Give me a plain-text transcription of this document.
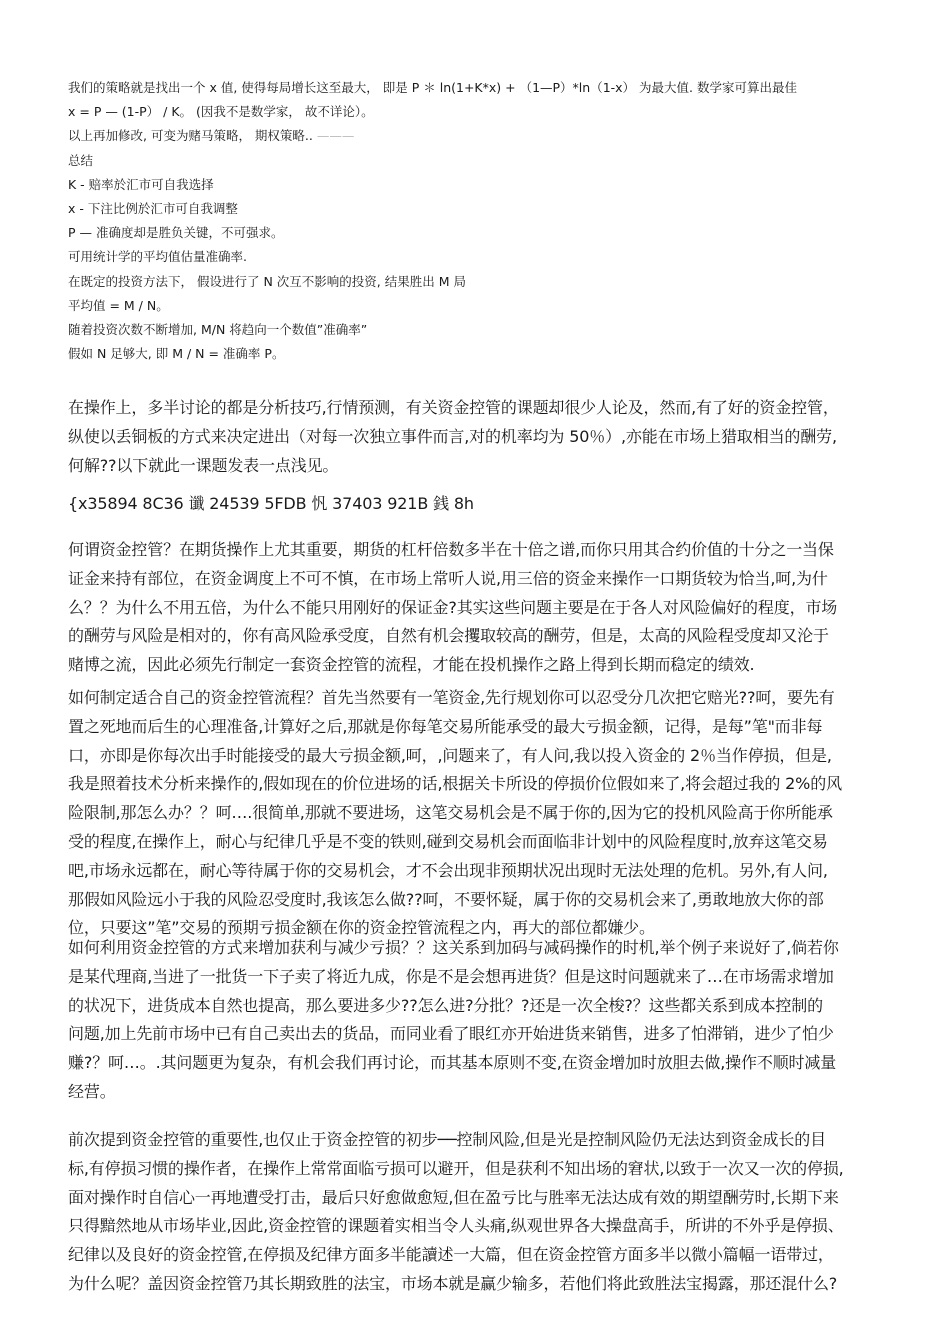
我们的策略就是找出一个 x 值, 使得每局增长这至最大， 即是 P ＊ ln(1+K*x) + （1—P）*ln（1-x） 为最大值. 数学家可算出最佳
x = P — (1-P） / K。 (因我不是数学家， 故不详论）。
以上再加修改, 可变为赌马策略， 期权策略.. ———
总结
K - 赔率於汇市可自我选择
x - 下注比例於汇市可自我调整
P — 准确度却是胜负关键，不可强求。
可用统计学的平均值估量准确率.
在既定的投资方法下， 假设进行了 N 次互不影响的投资, 结果胜出 M 局
平均值 = M / N。
随着投资次数不断增加, M/N 将趋向一个数值”准确率”
假如 N 足够大, 即 M / N = 准确率 P。
在操作上，多半讨论的都是分析技巧,行情预测，有关资金控管的课题却很少人论及，然而,有了好的资金控管，
纵使以丢铜板的方式来决定进出（对每一次独立事件而言,对的机率均为 50％）,亦能在市场上猎取相当的酬劳,
何解??以下就此一课题发表一点浅见。
{x35894 8C36 谶 24539 5FDB 忛 37403 921B 銭 8h
何谓资金控管？在期货操作上尤其重要，期货的杠杆倍数多半在十倍之谱,而你只用其合约价值的十分之一当保
证金来持有部位，在资金调度上不可不慎，在市场上常听人说,用三倍的资金来操作一口期货较为恰当,呵,为什
么？？为什么不用五倍，为什么不能只用刚好的保证金?其实这些问题主要是在于各人对风险偏好的程度，市场
的酬劳与风险是相对的，你有高风险承受度，自然有机会攫取较高的酬劳，但是，太高的风险程受度却又沦于
赌博之流，因此必须先行制定一套资金控管的流程，才能在投机操作之路上得到长期而稳定的绩效.
如何制定适合自己的资金控管流程？首先当然要有一笔资金,先行规划你可以忍受分几次把它赔光??呵，要先有
置之死地而后生的心理准备,计算好之后,那就是你每笔交易所能承受的最大亏损金额，记得，是每”笔"而非每
口，亦即是你每次出手时能接受的最大亏损金额,呵，,问题来了，有人问,我以投入资金的 2％当作停损，但是,
我是照着技术分析来操作的,假如现在的价位进场的话,根据关卡所设的停损价位假如来了,将会超过我的 2%的风
险限制,那怎么办？？呵….很简单,那就不要进场，这笔交易机会是不属于你的,因为它的投机风险高于你所能承
受的程度,在操作上，耐心与纪律几乎是不变的铁则,碰到交易机会而面临非计划中的风险程度时,放弃这笔交易
吧,市场永远都在，耐心等待属于你的交易机会，才不会出现非预期状况出现时无法处理的危机。另外,有人问,
那假如风险远小于我的风险忍受度时,我该怎么做??呵，不要怀疑，属于你的交易机会来了,勇敢地放大你的部
位，只要这”笔”交易的预期亏损金额在你的资金控管流程之内，再大的部位都嫌少。
如何利用资金控管的方式来增加获利与减少亏损？？这关系到加码与减码操作的时机,举个例子来说好了,倘若你
是某代理商,当进了一批货一下子卖了将近九成，你是不是会想再进货？但是这时问题就来了…在市场需求增加
的状况下，进货成本自然也提高，那么要进多少??怎么进?分批？?还是一次全梭?？这些都关系到成本控制的
问题,加上先前市场中已有自己卖出去的货品，而同业看了眼红亦开始进货来销售，进多了怕滞销，进少了怕少
赚?？呵…。.其问题更为复杂，有机会我们再讨论，而其基本原则不变,在资金增加时放胆去做,操作不顺时减量
经营。
前次提到资金控管的重要性,也仅止于资金控管的初步──控制风险,但是光是控制风险仍无法达到资金成长的目
标,有停损习惯的操作者，在操作上常常面临亏损可以避开，但是获利不知出场的窘状,以致于一次又一次的停损,
面对操作时自信心一再地遭受打击，最后只好愈做愈短,但在盈亏比与胜率无法达成有效的期望酬劳时,长期下来
只得黯然地从市场毕业,因此,资金控管的课题着实相当令人头痛,纵观世界各大操盘高手，所讲的不外乎是停损、
纪律以及良好的资金控管,在停损及纪律方面多半能讀述一大篇，但在资金控管方面多半以微小篇幅一语带过，
为什么呢？盖因资金控管乃其长期致胜的法宝，市场本就是赢少输多，若他们将此致胜法宝揭露，那还混什么?
